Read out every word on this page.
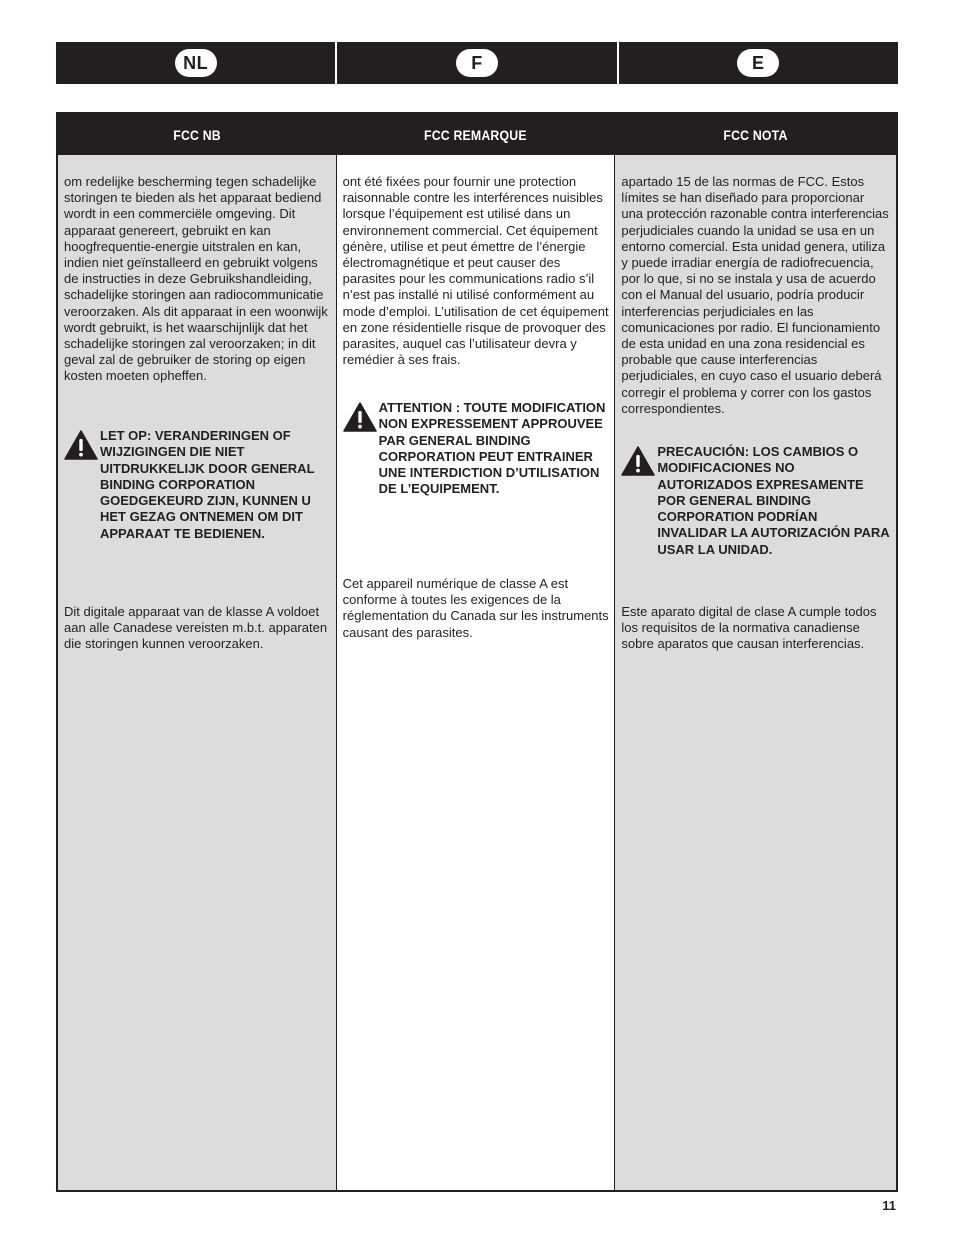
NL	F	E
FCC NB
om redelijke bescherming tegen schadelijke storingen te bieden als het apparaat bediend wordt in een commerciële omgeving. Dit apparaat genereert, gebruikt en kan hoogfrequentie-energie uitstralen en kan, indien niet geïnstalleerd en gebruikt volgens de instructies in deze Gebruikshandleiding, schadelijke storingen aan radiocommunicatie veroorzaken. Als dit apparaat in een woonwijk wordt gebruikt, is het waarschijnlijk dat het schadelijke storingen zal veroorzaken; in dit geval zal de gebruiker de storing op eigen kosten moeten opheffen.
LET OP: VERANDERINGEN OF WIJZIGINGEN DIE NIET UITDRUKKELIJK DOOR GENERAL BINDING CORPORATION GOEDGEKEURD ZIJN, KUNNEN U HET GEZAG ONTNEMEN OM DIT APPARAAT TE BEDIENEN.
Dit digitale apparaat van de klasse A voldoet aan alle Canadese vereisten m.b.t. apparaten die storingen kunnen veroorzaken.
FCC REMARQUE
ont été fixées pour fournir une protection raisonnable contre les interférences nuisibles lorsque l’équipement est utilisé dans un environnement commercial. Cet équipement génère, utilise et peut émettre de l’énergie électromagnétique et peut causer des parasites pour les communications radio s’il n’est pas installé ni utilisé conformément au mode d’emploi. L’utilisation de cet équipement en zone résidentielle risque de provoquer des parasites, auquel cas l’utilisateur devra y remédier à ses frais.
ATTENTION : TOUTE MODIFICATION NON EXPRESSEMENT APPROUVEE PAR GENERAL BINDING CORPORATION PEUT ENTRAINER UNE INTERDICTION D’UTILISATION DE L’EQUIPEMENT.
Cet appareil numérique de classe A est conforme à toutes les exigences de la réglementation du Canada sur les instruments causant des parasites.
FCC NOTA
apartado 15 de las normas de FCC. Estos límites se han diseñado para proporcionar una protección razonable contra interferencias perjudiciales cuando la unidad se usa en un entorno comercial. Esta unidad genera, utiliza y puede irradiar energía de radiofrecuencia, por lo que, si no se instala y usa de acuerdo con el Manual del usuario, podría producir interferencias perjudiciales en las comunicaciones por radio. El funcionamiento de esta unidad en una zona residencial es probable que cause interferencias perjudiciales, en cuyo caso el usuario deberá corregir el problema y correr con los gastos correspondientes.
PRECAUCIÓN: LOS CAMBIOS O MODIFICACIONES NO AUTORIZADOS EXPRESAMENTE POR GENERAL BINDING CORPORATION PODRÍAN INVALIDAR LA AUTORIZACIÓN PARA USAR LA UNIDAD.
Este aparato digital de clase A cumple todos los requisitos de la normativa canadiense sobre aparatos que causan interferencias.
11
